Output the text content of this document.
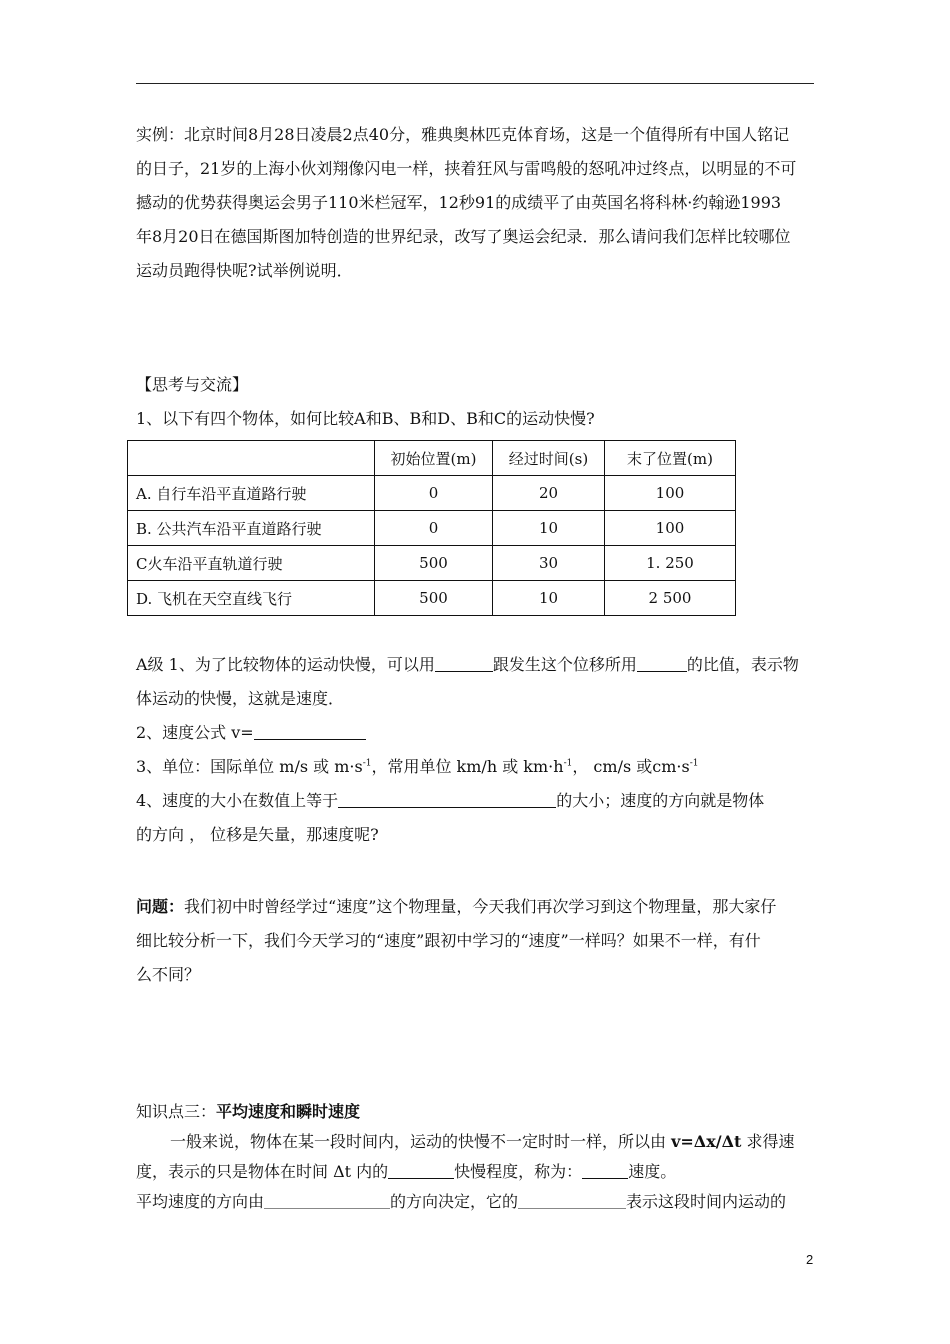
实例：北京时间8月28日凌晨2点40分，雅典奥林匹克体育场，这是一个值得所有中国人铭记
的日子，21岁的上海小伙刘翔像闪电一样，挟着狂风与雷鸣般的怒吼冲过终点，以明显的不可
撼动的优势获得奥运会男子110米栏冠军，12秒91的成绩平了由英国名将科林·约翰逊1993
年8月20日在德国斯图加特创造的世界纪录，改写了奥运会纪录．那么请问我们怎样比较哪位
运动员跑得快呢?试举例说明．
【思考与交流】
1、以下有四个物体，如何比较A和B、B和D、B和C的运动快慢?
	初始位置(m)	经过时间(s)	末了位置(m)
A. 自行车沿平直道路行驶	0	20	100
B. 公共汽车沿平直道路行驶	0	10	100
C火车沿平直轨道行驶	500	30	1. 250
D. 飞机在天空直线飞行	500	10	2 500
A级 1、为了比较物体的运动快慢，可以用	跟发生这个位移所用	的比值，表示物
体运动的快慢，这就是速度．
2、速度公式 v=
3、单位：国际单位 m/s 或 $m\cdot s^{-1}$，常用单位 km/h 或 $km\cdot h^{-1}$， cm/s 或$cm\cdot s^{-1}$
4、速度的大小在数值上等于	的大小；速度的方向就是物体
的方向 ， 位移是矢量，那速度呢?
问题：我们初中时曾经学过“速度”这个物理量，今天我们再次学习到这个物理量，那大家仔
细比较分析一下，我们今天学习的“速度”跟初中学习的“速度”一样吗？如果不一样，有什
么不同？
知识点三：平均速度和瞬时速度
一般来说，物体在某一段时间内，运动的快慢不一定时时一样，所以由 v=Δx/Δt 求得速
度，表示的只是物体在时间 Δt 内的	快慢程度，称为：	速度。
平均速度的方向由	的方向决定，它的	表示这段时间内运动的
2
